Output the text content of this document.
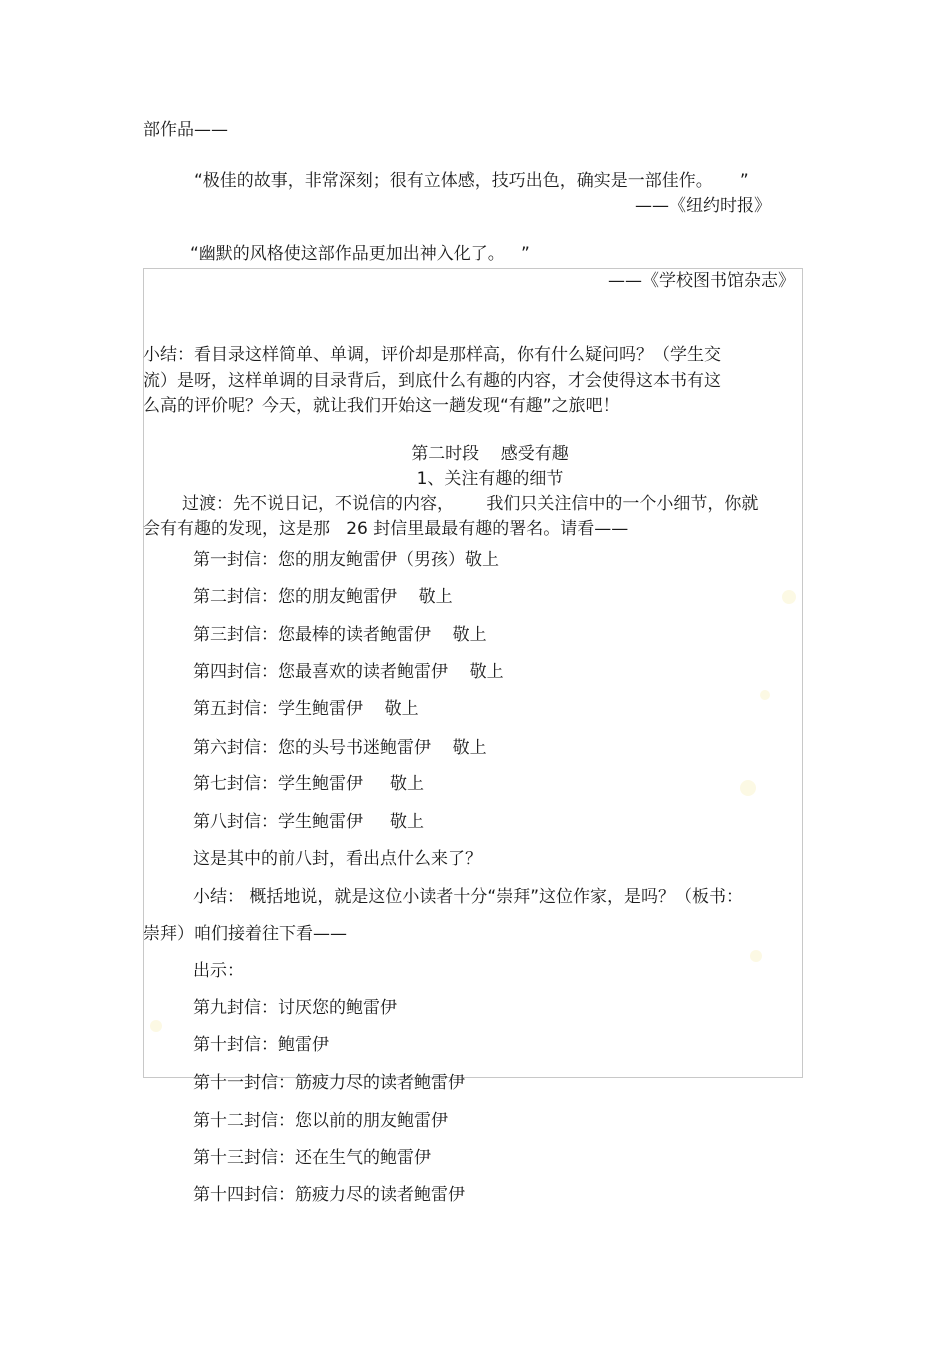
部作品——
“极佳的故事，非常深刻；很有立体感，技巧出色，确实是一部佳作。     ”
——《纽约时报》
“幽默的风格使这部作品更加出神入化了。   ”
——《学校图书馆杂志》
小结：看目录这样简单、单调，评价却是那样高，你有什么疑问吗？（学生交
流）是呀，这样单调的目录背后，到底什么有趣的内容，才会使得这本书有这
么高的评价呢？今天，就让我们开始这一趟发现“有趣”之旅吧！
第二时段    感受有趣
1、关注有趣的细节
过渡：先不说日记，不说信的内容，      我们只关注信中的一个小细节，你就
会有有趣的发现，这是那   26 封信里最最有趣的署名。请看——
第一封信：您的朋友鲍雷伊（男孩）敬上
第二封信：您的朋友鲍雷伊    敬上
第三封信：您最棒的读者鲍雷伊    敬上
第四封信：您最喜欢的读者鲍雷伊    敬上
第五封信：学生鲍雷伊    敬上
第六封信：您的头号书迷鲍雷伊    敬上
第七封信：学生鲍雷伊     敬上
第八封信：学生鲍雷伊     敬上
这是其中的前八封，看出点什么来了？
小结： 概括地说，就是这位小读者十分“崇拜”这位作家，是吗？（板书：
崇拜）咱们接着往下看——
出示：
第九封信：讨厌您的鲍雷伊
第十封信：鲍雷伊
第十一封信：筋疲力尽的读者鲍雷伊
第十二封信：您以前的朋友鲍雷伊
第十三封信：还在生气的鲍雷伊
第十四封信：筋疲力尽的读者鲍雷伊
